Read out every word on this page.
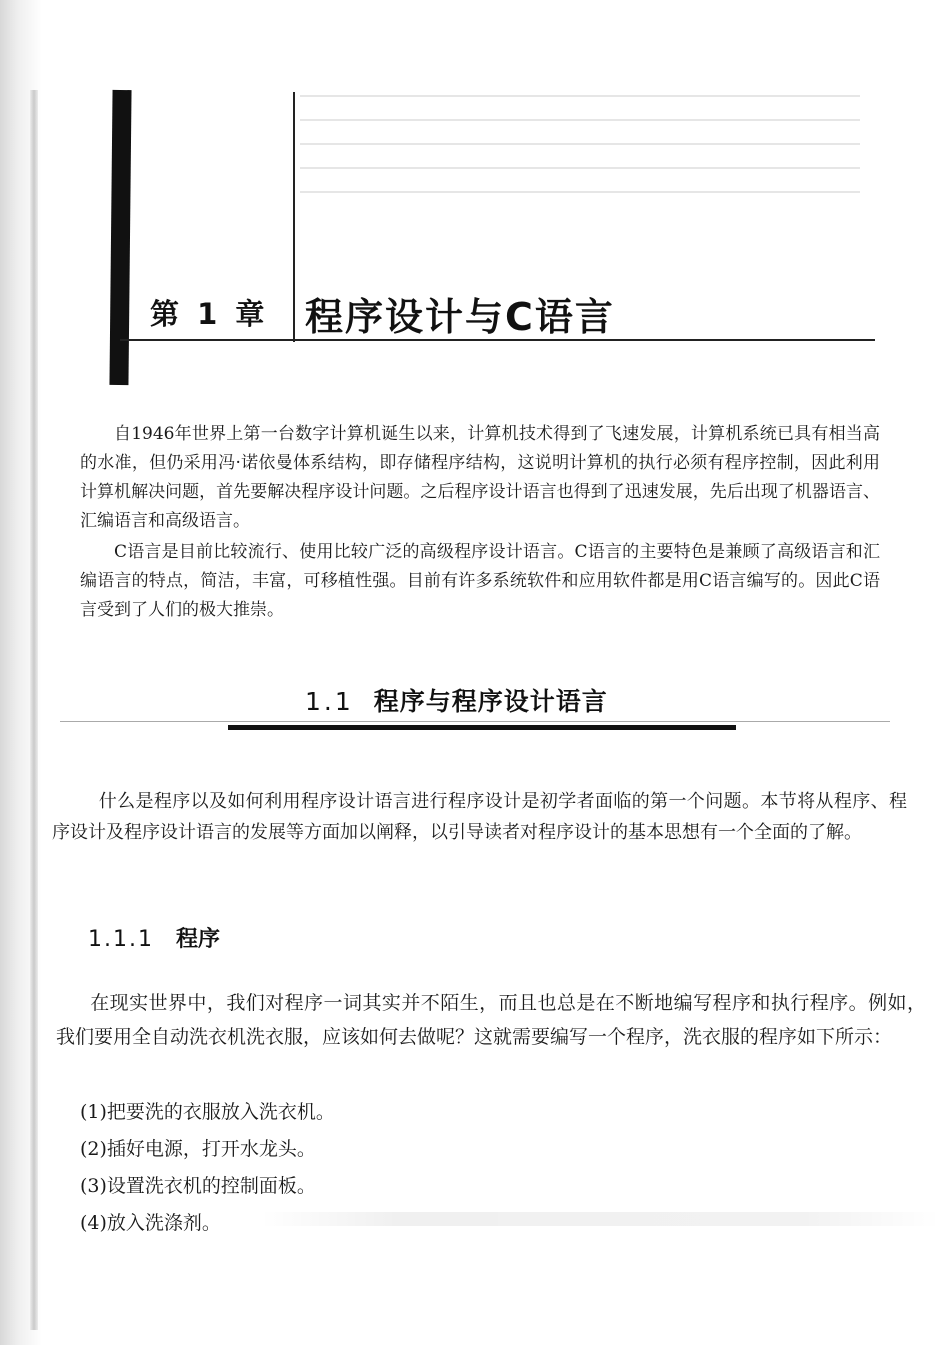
第 1 章 程序设计与C语言

自1946年世界上第一台数字计算机诞生以来，计算机技术得到了飞速发展，计算机系统已具有相当高的水准，但仍采用冯·诺依曼体系结构，即存储程序结构，这说明计算机的执行必须有程序控制，因此利用计算机解决问题，首先要解决程序设计问题。之后程序设计语言也得到了迅速发展，先后出现了机器语言、汇编语言和高级语言。

C语言是目前比较流行、使用比较广泛的高级程序设计语言。C语言的主要特色是兼顾了高级语言和汇编语言的特点，简洁，丰富，可移植性强。目前有许多系统软件和应用软件都是用C语言编写的。因此C语言受到了人们的极大推崇。

1.1 程序与程序设计语言

什么是程序以及如何利用程序设计语言进行程序设计是初学者面临的第一个问题。本节将从程序、程序设计及程序设计语言的发展等方面加以阐释，以引导读者对程序设计的基本思想有一个全面的了解。

1.1.1 程序

在现实世界中，我们对程序一词其实并不陌生，而且也总是在不断地编写程序和执行程序。例如，我们要用全自动洗衣机洗衣服，应该如何去做呢？这就需要编写一个程序，洗衣服的程序如下所示：

(1)把要洗的衣服放入洗衣机。
(2)插好电源，打开水龙头。
(3)设置洗衣机的控制面板。
(4)放入洗涤剂。
